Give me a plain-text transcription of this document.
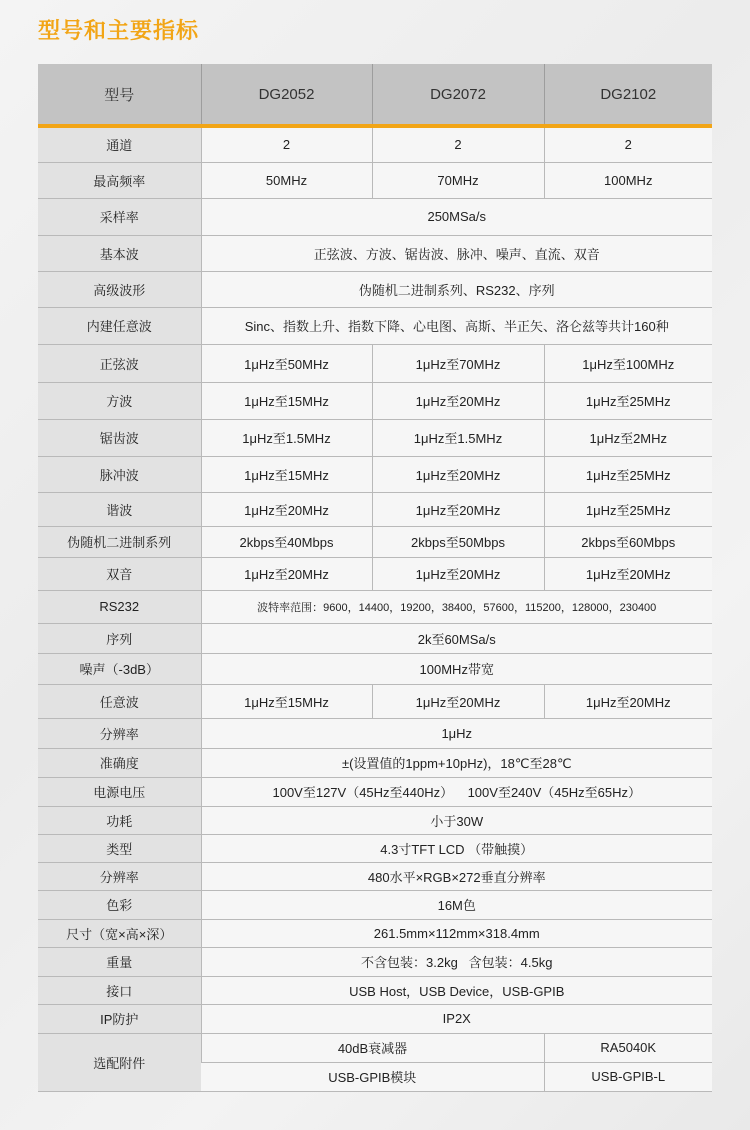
型号和主要指标
型号	DG2052	DG2072	DG2102
通道	2	2	2
最高频率	50MHz	70MHz	100MHz
采样率	250MSa/s		
基本波	正弦波、方波、锯齿波、脉冲、噪声、直流、双音		
高级波形	伪随机二进制系列、RS232、序列		
内建任意波	Sinc、指数上升、指数下降、心电图、高斯、半正矢、洛仑兹等共计160种		
正弦波	1μHz至50MHz	1μHz至70MHz	1μHz至100MHz
方波	1μHz至15MHz	1μHz至20MHz	1μHz至25MHz
锯齿波	1μHz至1.5MHz	1μHz至1.5MHz	1μHz至2MHz
脉冲波	1μHz至15MHz	1μHz至20MHz	1μHz至25MHz
谐波	1μHz至20MHz	1μHz至20MHz	1μHz至25MHz
伪随机二进制系列	2kbps至40Mbps	2kbps至50Mbps	2kbps至60Mbps
双音	1μHz至20MHz	1μHz至20MHz	1μHz至20MHz
RS232	波特率范围：9600，14400，19200，38400，57600，115200，128000，230400		
序列	2k至60MSa/s		
噪声（-3dB）	100MHz带宽		
任意波	1μHz至15MHz	1μHz至20MHz	1μHz至20MHz
分辨率	1μHz		
准确度	±(设置值的1ppm+10pHz)，18℃至28℃		
电源电压	100V至127V（45Hz至440Hz）    100V至240V（45Hz至65Hz）		
功耗	小于30W		
类型	4.3寸TFT LCD （带触摸）		
分辨率	480水平×RGB×272垂直分辨率		
色彩	16M色		
尺寸（宽×高×深）	261.5mm×112mm×318.4mm		
重量	不含包装：3.2kg   含包装：4.5kg		
接口	USB Host，USB Device，USB-GPIB		
IP防护	IP2X		
选配附件	40dB衰减器		RA5040K
	USB-GPIB模块		USB-GPIB-L
